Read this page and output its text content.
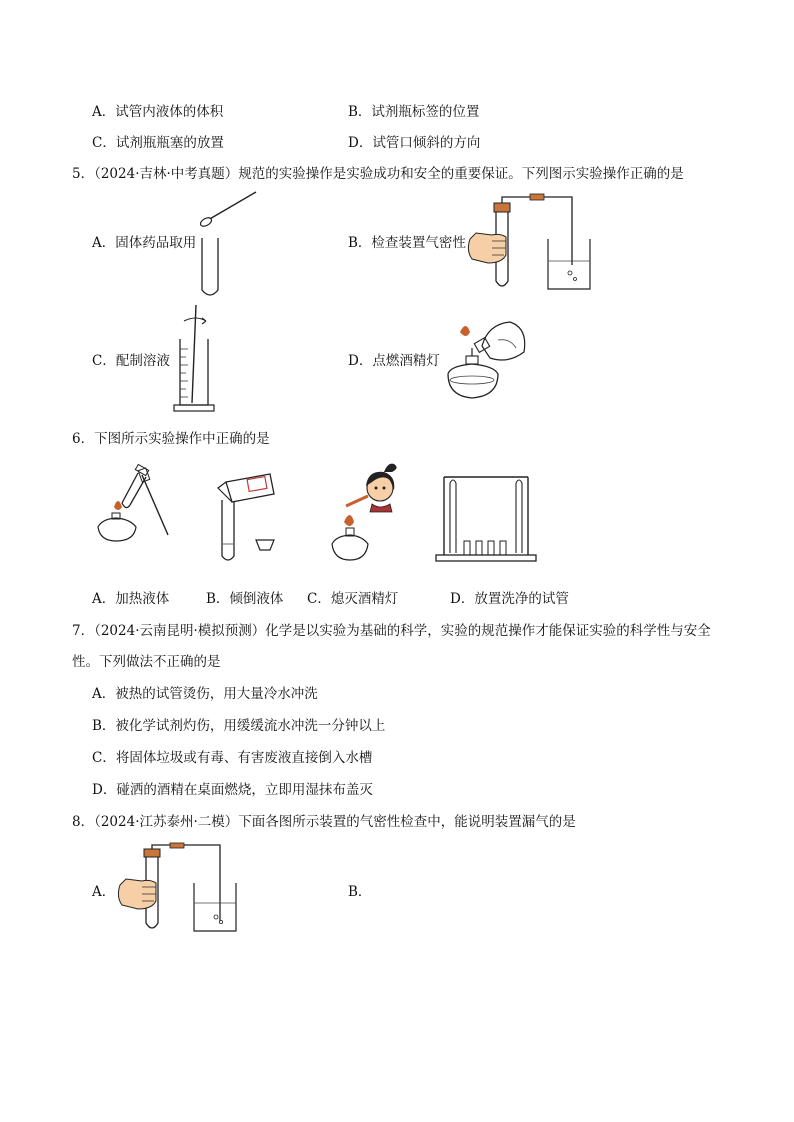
A．试管内液体的体积	B．试剂瓶标签的位置
C．试剂瓶瓶塞的放置	D．试管口倾斜的方向
5．（2024·吉林·中考真题）规范的实验操作是实验成功和安全的重要保证。下列图示实验操作正确的是
A．固体药品取用	B．检查装置气密性
C．配制溶液	D．点燃酒精灯
6．下图所示实验操作中正确的是
A．加热液体	B．倾倒液体 C．熄灭酒精灯	D．放置洗净的试管
7．（2024·云南昆明·模拟预测）化学是以实验为基础的科学，实验的规范操作才能保证实验的科学性与安全
性。下列做法不正确的是
A．被热的试管烫伤，用大量冷水冲洗
B．被化学试剂灼伤，用缓缓流水冲洗一分钟以上
C．将固体垃圾或有毒、有害废液直接倒入水槽
D．碰洒的酒精在桌面燃烧，立即用湿抹布盖灭
8．（2024·江苏泰州·二模）下面各图所示装置的气密性检查中，能说明装置漏气的是
A．	B．
